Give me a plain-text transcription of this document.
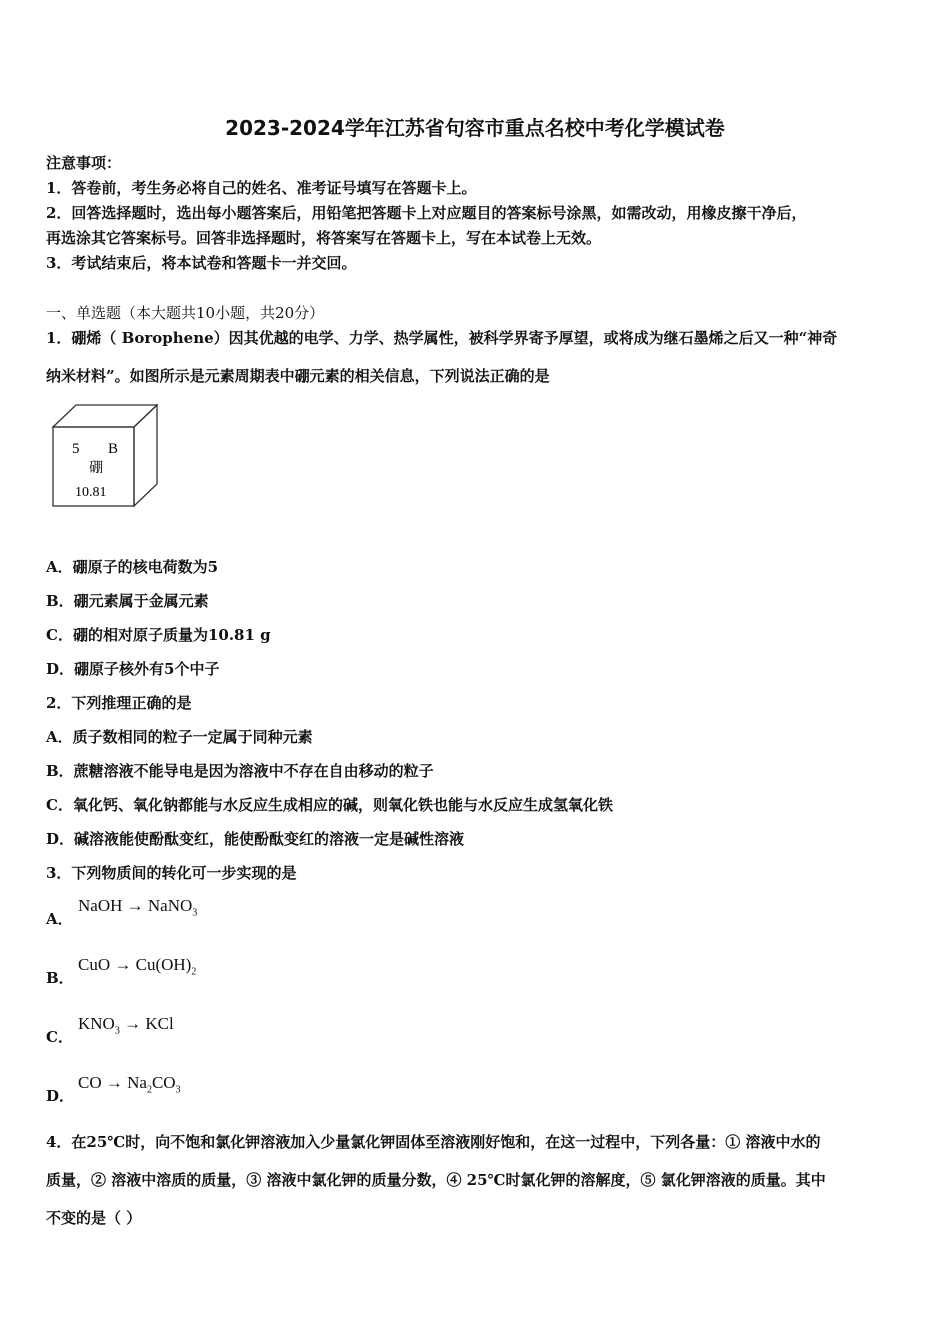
2023-2024学年江苏省句容市重点名校中考化学模试卷
注意事项：
1．答卷前，考生务必将自己的姓名、准考证号填写在答题卡上。
2．回答选择题时，选出每小题答案后，用铅笔把答题卡上对应题目的答案标号涂黑，如需改动，用橡皮擦干净后，
再选涂其它答案标号。回答非选择题时，将答案写在答题卡上，写在本试卷上无效。
3．考试结束后，将本试卷和答题卡一并交回。
一、单选题（本大题共10小题，共20分）
1．硼烯（ Borophene）因其优越的电学、力学、热学属性，被科学界寄予厚望，或将成为继石墨烯之后又一种“神奇
纳米材料”。如图所示是元素周期表中硼元素的相关信息，下列说法正确的是
5 B
硼
10.81
A．硼原子的核电荷数为5
B．硼元素属于金属元素
C．硼的相对原子质量为10.81 g
D．硼原子核外有5个中子
2．下列推理正确的是
A．质子数相同的粒子一定属于同种元素
B．蔗糖溶液不能导电是因为溶液中不存在自由移动的粒子
C．氧化钙、氧化钠都能与水反应生成相应的碱，则氧化铁也能与水反应生成氢氧化铁
D．碱溶液能使酚酞变红，能使酚酞变红的溶液一定是碱性溶液
3．下列物质间的转化可一步实现的是
A．
NaOH → NaNO$_3$
B．
CuO → $Cu(OH)_2$
C．
$KNO_3$ → KCl
D．
CO → $Na_2CO_3$
4．在25℃时，向不饱和氯化钾溶液加入少量氯化钾固体至溶液刚好饱和，在这一过程中，下列各量：① 溶液中水的
质量，② 溶液中溶质的质量，③ 溶液中氯化钾的质量分数，④ 25℃时氯化钾的溶解度，⑤ 氯化钾溶液的质量。其中
不变的是（ ）
